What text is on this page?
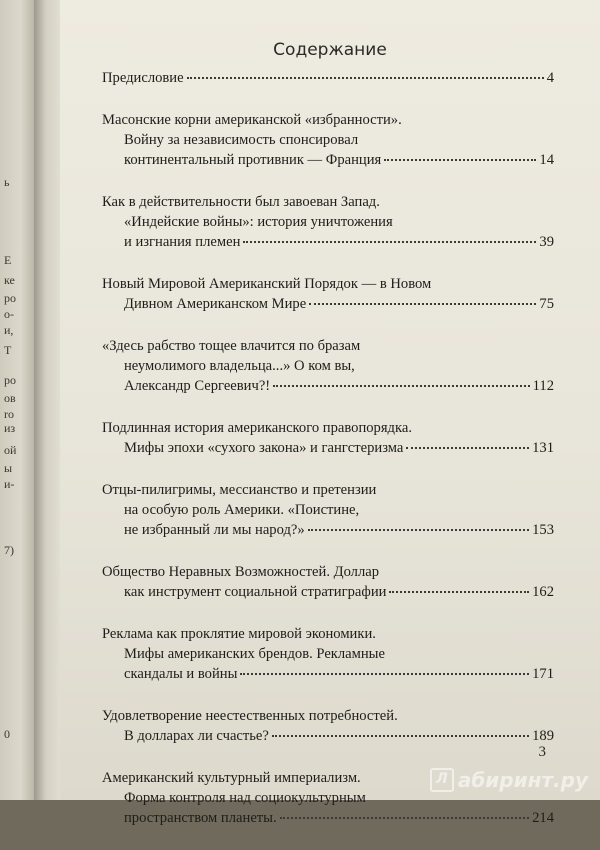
ь
Е
ке
ро
о-
и,
Т
ро
ов
ro
из
ой
ы
и-
7)
0
Содержание
Предисловие	4
Масонские корни американской «избранности».
Войну за независимость спонсировал
континентальный противник — Франция	14
Как в действительности был завоеван Запад.
«Индейские войны»: история уничтожения
и изгнания племен	39
Новый Мировой Американский Порядок — в Новом
Дивном Американском Мире	75
«Здесь рабство тощее влачится по бразам
неумолимого владельца...» О ком вы,
Александр Сергеевич?!	112
Подлинная история американского правопорядка.
Мифы эпохи «сухого закона» и гангстеризма	131
Отцы-пилигримы, мессианство и претензии
на особую роль Америки. «Поистине,
не избранный ли мы народ?»	153
Общество Неравных Возможностей. Доллар
как инструмент социальной стратиграфии	162
Реклама как проклятие мировой экономики.
Мифы американских брендов. Рекламные
скандалы и войны	171
Удовлетворение неестественных потребностей.
В долларах ли счастье?	189
Американский культурный империализм.
Форма контроля над социокультурным
пространством планеты.	214
3
Л абиринт.ру
